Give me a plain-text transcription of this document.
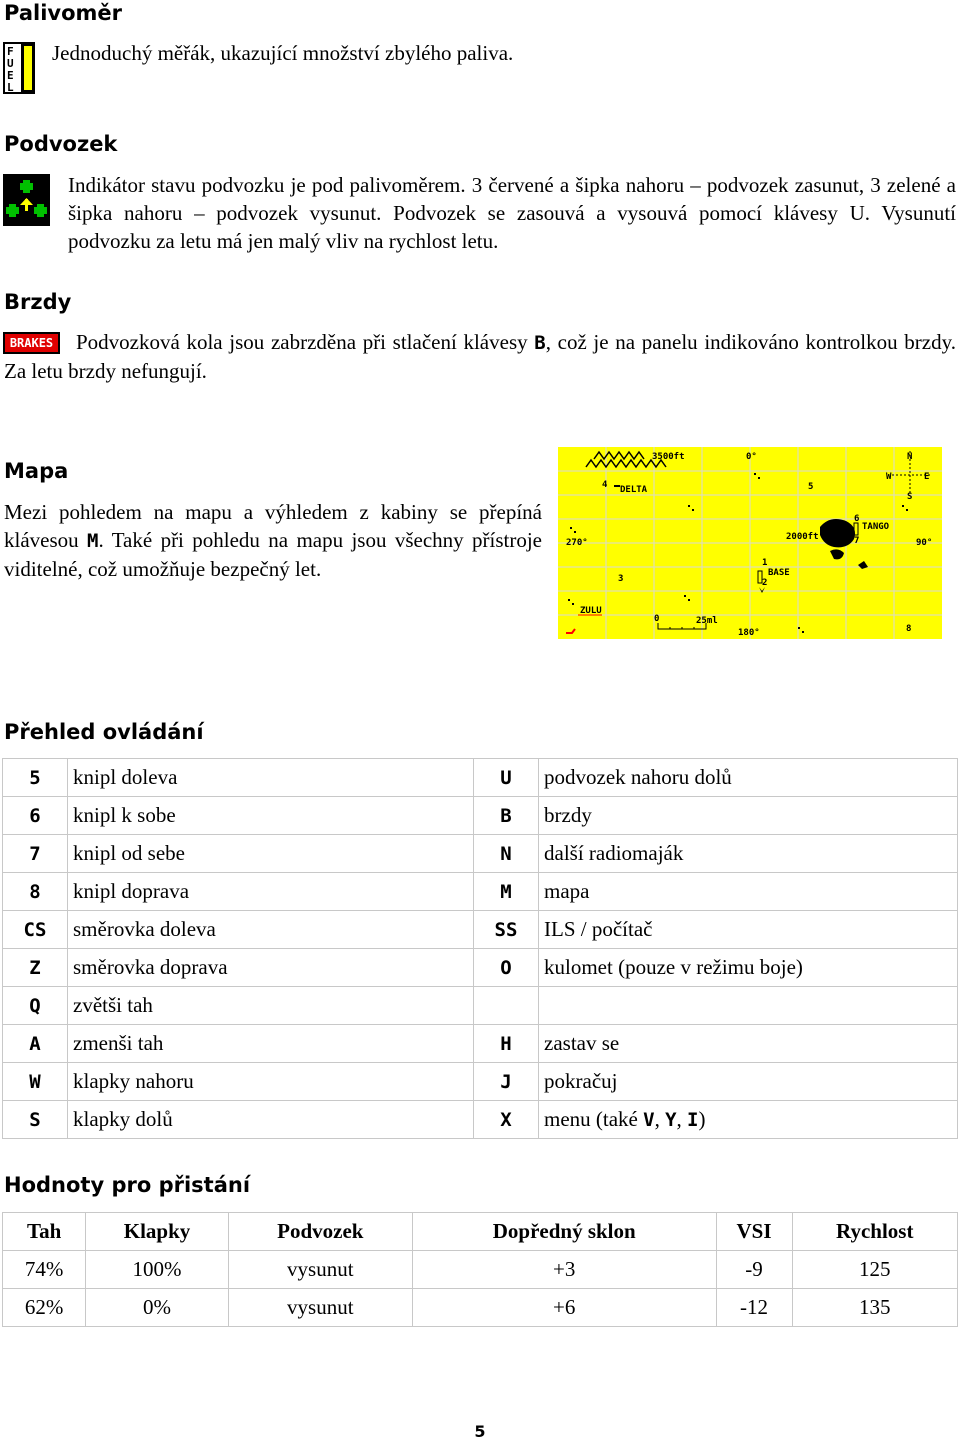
Palivoměr
F
U
E
L

Jednoduchý měřák, ukazující množství zbylého paliva.

Podvozek

Indikátor stavu podvozku je pod palivoměrem. 3 červené a šipka nahoru – podvozek zasunut, 3 zelené a šipka nahoru – podvozek vysunut. Podvozek se zasouvá a vysouvá pomocí klávesy U. Vysunutí podvozku za letu má jen malý vliv na rychlost letu.

Brzdy

Podvozková kola jsou zabrzděna při stlačení klávesy B, což je na panelu indikováno kontrolkou brzdy. Za letu brzdy nefungují.

BRAKES
Mapa

Mezi pohledem na mapu a výhledem z kabiny se přepíná klávesou M. Také při pohledu na mapu jsou všechny přístroje viditelné, což umožňuje bezpečný let.

3500ft	0°
4 DELTA	5
6
TANGO
7
2000ft
270°	90°
3
1
BASE
2
ZULU
0	25ml
180°	8
N
W	E
S
Přehled ovládání
5	knipl doleva	U	podvozek nahoru dolů
6	knipl k sobe	B	brzdy
7	knipl od sebe	N	další radiomaják
8	knipl doprava	M	mapa
CS	směrovka doleva	SS	ILS / počítač
Z	směrovka doprava	O	kulomet (pouze v režimu boje)
Q	zvětši tah		
A	zmenši tah	H	zastav se
W	klapky nahoru	J	pokračuj
S	klapky dolů	X	menu (také V, Y, I)
Hodnoty pro přistání
Tah	Klapky	Podvozek	Dopředný sklon	VSI	Rychlost
74%	100%	vysunut	+3	-9	125
62%	0%	vysunut	+6	-12	135
5
